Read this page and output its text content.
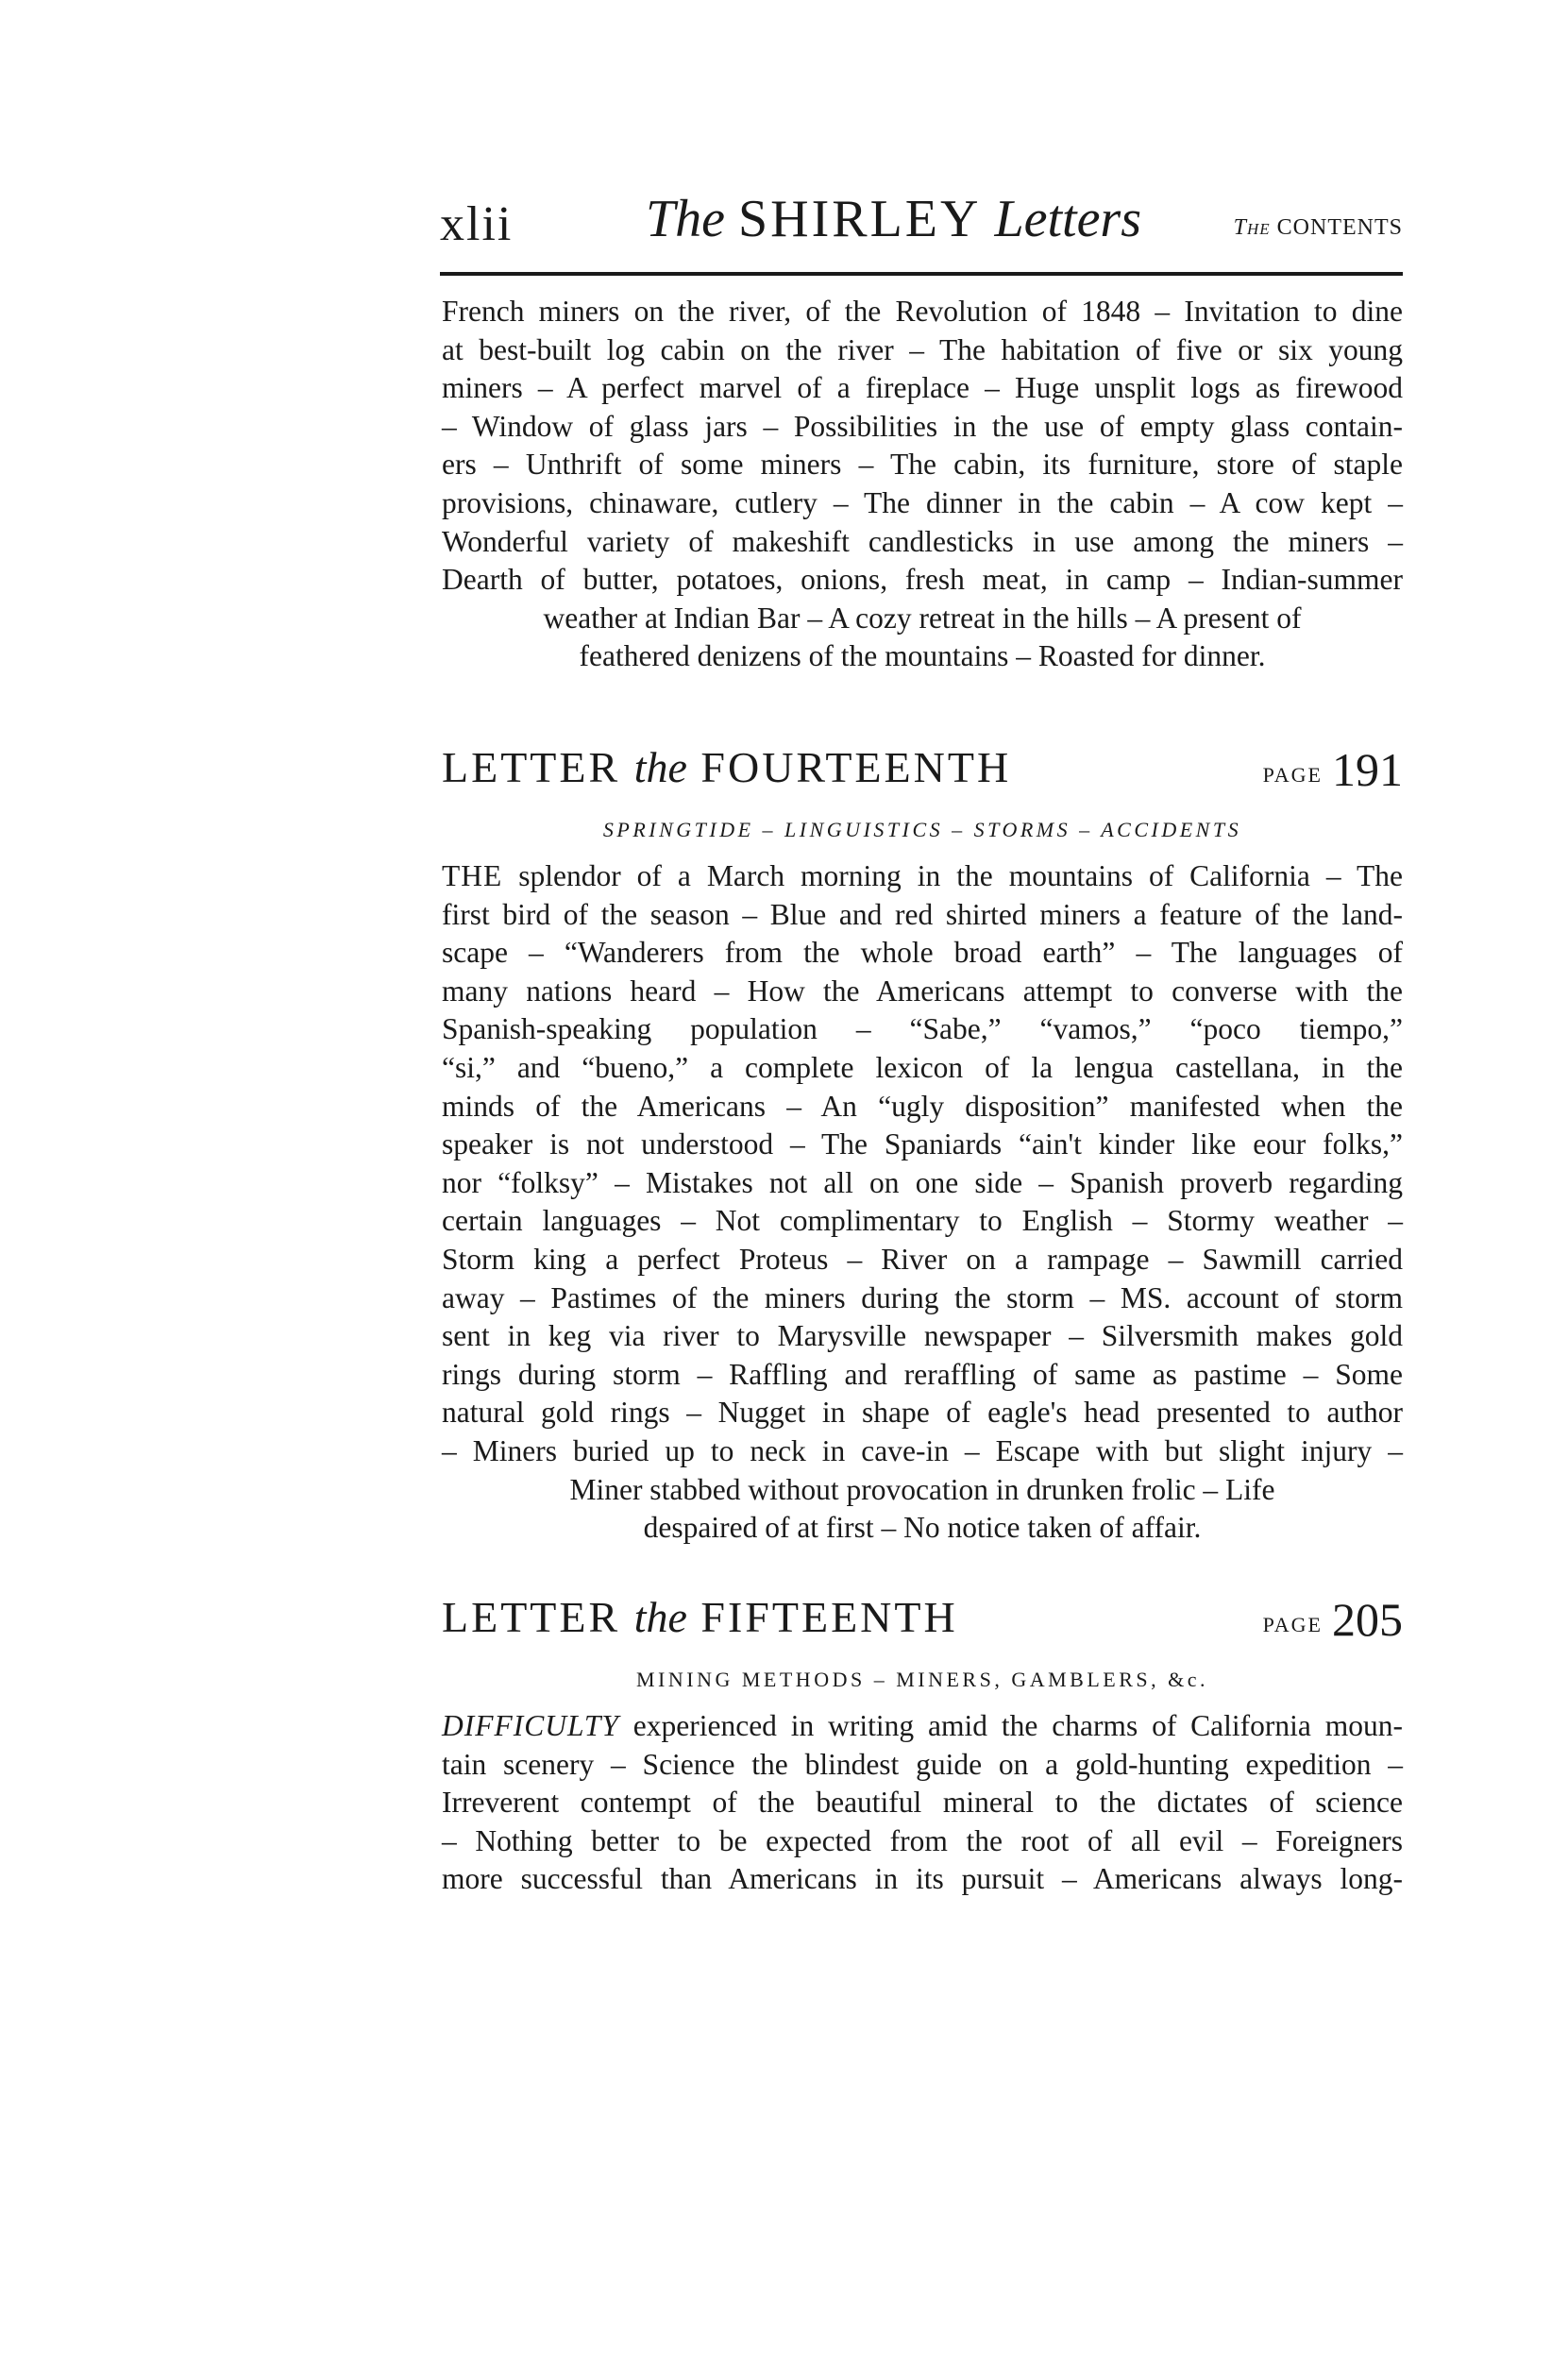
xlii	The SHIRLEY Letters	The CONTENTS
French miners on the river, of the Revolution of 1848 – Invitation to dine
at best-built log cabin on the river – The habitation of five or six young
miners – A perfect marvel of a fireplace – Huge unsplit logs as firewood
– Window of glass jars – Possibilities in the use of empty glass contain-
ers – Unthrift of some miners – The cabin, its furniture, store of staple
provisions, chinaware, cutlery – The dinner in the cabin – A cow kept –
Wonderful variety of makeshift candlesticks in use among the miners –
Dearth of butter, potatoes, onions, fresh meat, in camp – Indian-summer
weather at Indian Bar – A cozy retreat in the hills – A present of
feathered denizens of the mountains – Roasted for dinner.
LETTER the FOURTEENTH	PAGE 191
SPRINGTIDE – LINGUISTICS – STORMS – ACCIDENTS
THE splendor of a March morning in the mountains of California – The
first bird of the season – Blue and red shirted miners a feature of the land-
scape – “Wanderers from the whole broad earth” – The languages of
many nations heard – How the Americans attempt to converse with the
Spanish-speaking population – “Sabe,” “vamos,” “poco tiempo,”
“si,” and “bueno,” a complete lexicon of la lengua castellana, in the
minds of the Americans – An “ugly disposition” manifested when the
speaker is not understood – The Spaniards “ain't kinder like eour folks,”
nor “folksy” – Mistakes not all on one side – Spanish proverb regarding
certain languages – Not complimentary to English – Stormy weather –
Storm king a perfect Proteus – River on a rampage – Sawmill carried
away – Pastimes of the miners during the storm – MS. account of storm
sent in keg via river to Marysville newspaper – Silversmith makes gold
rings during storm – Raffling and reraffling of same as pastime – Some
natural gold rings – Nugget in shape of eagle's head presented to author
– Miners buried up to neck in cave-in – Escape with but slight injury –
Miner stabbed without provocation in drunken frolic – Life
despaired of at first – No notice taken of affair.
LETTER the FIFTEENTH	PAGE 205
MINING METHODS – MINERS, GAMBLERS, &c.
DIFFICULTY experienced in writing amid the charms of California moun-
tain scenery – Science the blindest guide on a gold-hunting expedition –
Irreverent contempt of the beautiful mineral to the dictates of science
– Nothing better to be expected from the root of all evil – Foreigners
more successful than Americans in its pursuit – Americans always long-
